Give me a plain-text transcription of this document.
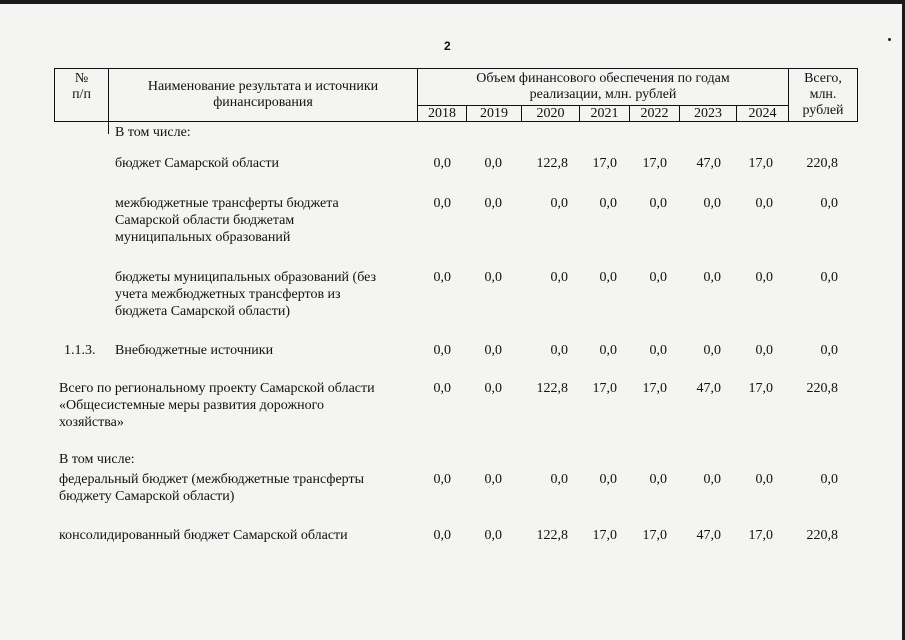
2
№
п/п
Наименование результата и источники
финансирования
Объем финансового обеспечения по годам
реализации, млн. рублей
Всего,
млн.
рублей
2018	2019	2020	2021	2022	2023	2024
В том числе:
бюджет Самарской области	0,0	0,0	122,8	17,0	17,0	47,0	17,0	220,8
межбюджетные трансферты бюджета
Самарской области бюджетам
муниципальных образований
0,0	0,0	0,0	0,0	0,0	0,0	0,0	0,0
бюджеты муниципальных образований (без
учета межбюджетных трансфертов из
бюджета Самарской области)
0,0	0,0	0,0	0,0	0,0	0,0	0,0	0,0
1.1.3. Внебюджетные источники	0,0	0,0	0,0	0,0	0,0	0,0	0,0	0,0
Всего по региональному проекту Самарской области
«Общесистемные меры развития дорожного
хозяйства»
0,0	0,0	122,8	17,0	17,0	47,0	17,0	220,8
В том числе:
федеральный бюджет (межбюджетные трансферты
бюджету Самарской области)
0,0	0,0	0,0	0,0	0,0	0,0	0,0	0,0
консолидированный бюджет Самарской области	0,0	0,0	122,8	17,0	17,0	47,0	17,0	220,8
